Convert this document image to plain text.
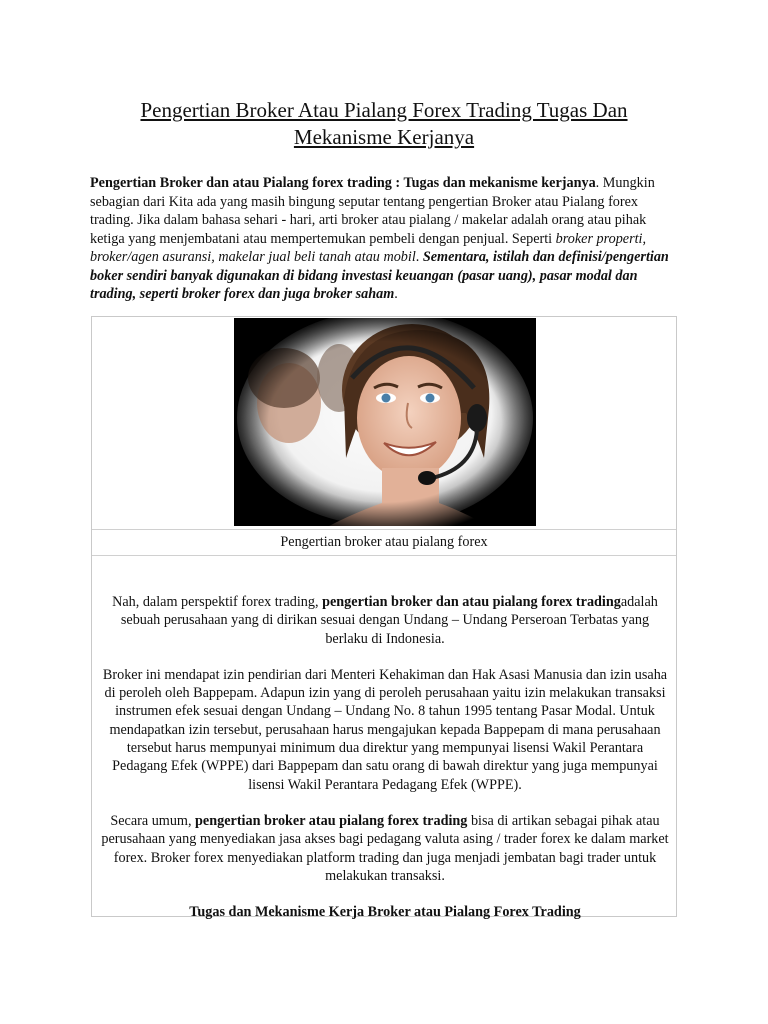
Pengertian Broker Atau Pialang Forex Trading Tugas Dan
Mekanisme Kerjanya

Pengertian Broker dan atau Pialang forex trading : Tugas dan mekanisme kerjanya. Mungkin sebagian dari Kita ada yang masih bingung seputar tentang pengertian Broker atau Pialang forex trading. Jika dalam bahasa sehari - hari, arti broker atau pialang / makelar adalah orang atau pihak ketiga yang menjembatani atau mempertemukan pembeli dengan penjual. Seperti broker properti, broker/agen asuransi, makelar jual beli tanah atau mobil. Sementara, istilah dan definisi/pengertian boker sendiri banyak digunakan di bidang investasi keuangan (pasar uang), pasar modal dan trading, seperti broker forex dan juga broker saham.

Pengertian broker atau pialang forex

Nah, dalam perspektif forex trading, pengertian broker dan atau pialang forex tradingadalah sebuah perusahaan yang di dirikan sesuai dengan Undang – Undang Perseroan Terbatas yang berlaku di Indonesia.

Broker ini mendapat izin pendirian dari Menteri Kehakiman dan Hak Asasi Manusia dan izin usaha di peroleh oleh Bappepam. Adapun izin yang di peroleh perusahaan yaitu izin melakukan transaksi instrumen efek sesuai dengan Undang – Undang No. 8 tahun 1995 tentang Pasar Modal. Untuk mendapatkan izin tersebut, perusahaan harus mengajukan kepada Bappepam di mana perusahaan tersebut harus mempunyai minimum dua direktur yang mempunyai lisensi Wakil Perantara Pedagang Efek (WPPE) dari Bappepam dan satu orang di bawah direktur yang juga mempunyai lisensi Wakil Perantara Pedagang Efek (WPPE).

Secara umum, pengertian broker atau pialang forex trading bisa di artikan sebagai pihak atau perusahaan yang menyediakan jasa akses bagi pedagang valuta asing / trader forex ke dalam market forex. Broker forex menyediakan platform trading dan juga menjadi jembatan bagi trader untuk melakukan transaksi.

Tugas dan Mekanisme Kerja Broker atau Pialang Forex Trading
